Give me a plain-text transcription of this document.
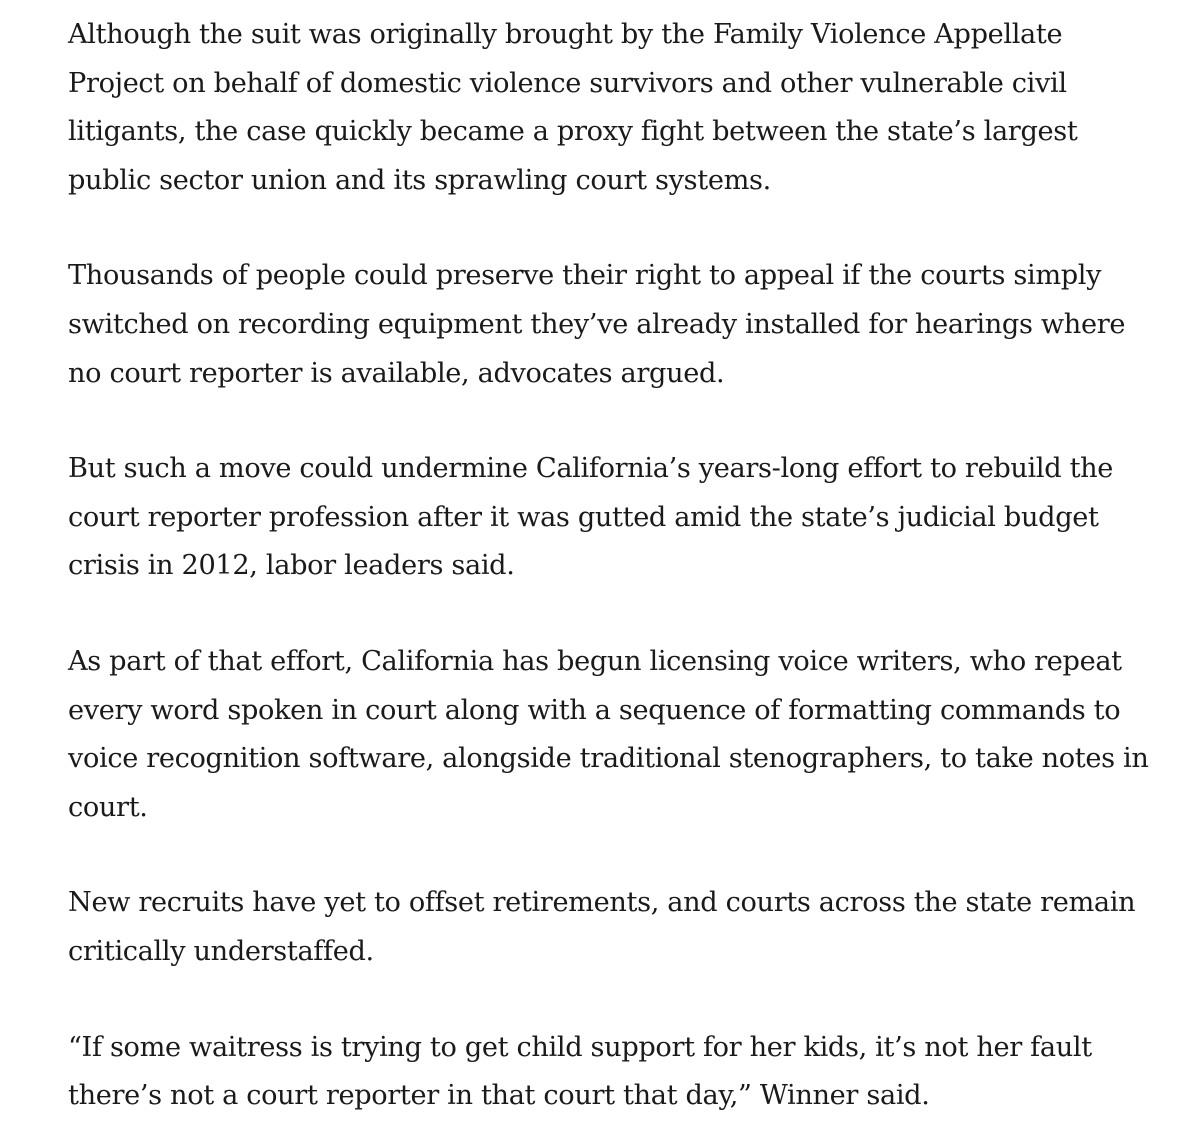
Although the suit was originally brought by the Family Violence Appellate Project on behalf of domestic violence survivors and other vulnerable civil litigants, the case quickly became a proxy fight between the state’s largest public sector union and its sprawling court systems.

Thousands of people could preserve their right to appeal if the courts simply switched on recording equipment they’ve already installed for hearings where no court reporter is available, advocates argued.

But such a move could undermine California’s years-long effort to rebuild the court reporter profession after it was gutted amid the state’s judicial budget crisis in 2012, labor leaders said.

As part of that effort, California has begun licensing voice writers, who repeat every word spoken in court along with a sequence of formatting commands to voice recognition software, alongside traditional stenographers, to take notes in court.

New recruits have yet to offset retirements, and courts across the state remain critically understaffed.

“If some waitress is trying to get child support for her kids, it’s not her fault there’s not a court reporter in that court that day,” Winner said.
